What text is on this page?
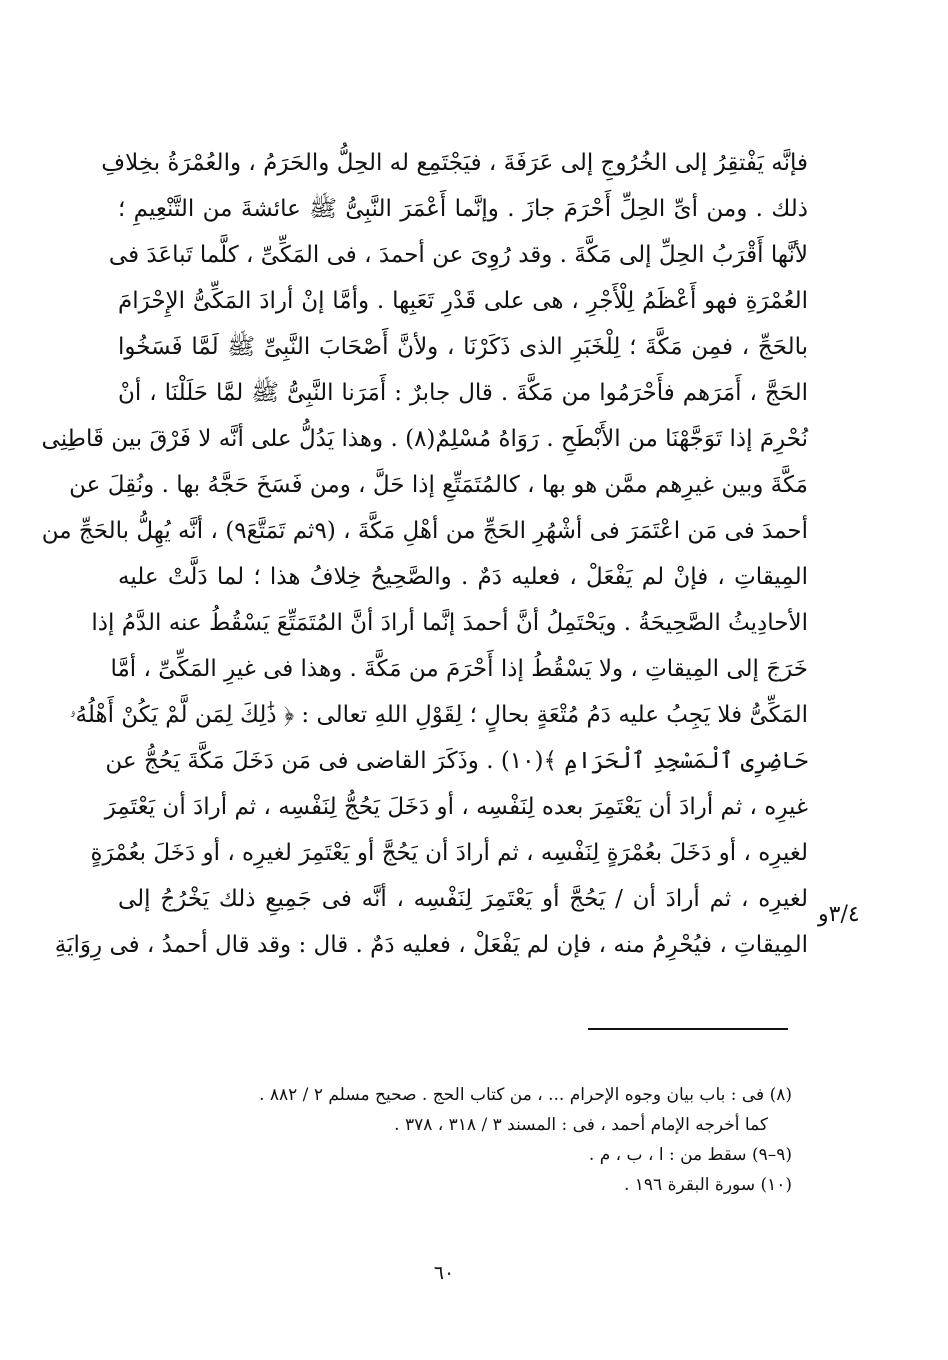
فإنَّه يَفْتقِرُ إلى الخُرُوجِ إلى عَرَفَةَ ، فيَجْتَمِع له الحِلُّ والحَرَمُ ، والعُمْرَةُ بخِلافِ
ذلك . ومن أىِّ الحِلِّ أَحْرَمَ جازَ . وإنَّما أَعْمَرَ النَّبِىُّ ﷺ عائشةَ من التَّنْعِيمِ ؛
لأنَّها أَقْرَبُ الحِلِّ إلى مَكَّةَ . وقد رُوِىَ عن أحمدَ ، فى المَكِّىِّ ، كلَّما تَباعَدَ فى
العُمْرَةِ فهو أَعْظَمُ لِلْأَجْرِ ، هى على قَدْرِ تَعَبِها . وأمَّا إنْ أرادَ المَكِّىُّ الإِحْرَامَ
بالحَجِّ ، فمِن مَكَّةَ ؛ لِلْخَبَرِ الذى ذَكَرْنَا ، ولأنَّ أَصْحَابَ النَّبِىِّ ﷺ لَمَّا فَسَخُوا
الحَجَّ ، أَمَرَهم فأَحْرَمُوا من مَكَّةَ . قال جابرٌ : أَمَرَنا النَّبِىُّ ﷺ لمَّا حَلَلْنَا ، أنْ
نُحْرِمَ إذا تَوَجَّهْنَا من الأَبْطَحِ . رَوَاهُ مُسْلِمٌ(٨) . وهذا يَدُلُّ على أنَّه لا فَرْقَ بين قَاطِنِى
مَكَّةَ وبين غيرِهم ممَّن هو بها ، كالمُتَمَتِّعِ إذا حَلَّ ، ومن فَسَخَ حَجَّهُ بها . ونُقِلَ عن
أحمدَ فى مَن اعْتَمَرَ فى أشْهُرِ الحَجِّ من أهْلِ مَكَّةَ ، (٩ثم تَمَتَّعَ٩) ، أنَّه يُهِلُّ بالحَجِّ من
المِيقاتِ ، فإنْ لم يَفْعَلْ ، فعليه دَمٌ . والصَّحِيحُ خِلافُ هذا ؛ لما دَلَّتْ عليه
الأحادِيثُ الصَّحِيحَةُ . ويَحْتَمِلُ أنَّ أحمدَ إنَّما أرادَ أنَّ المُتَمَتِّعَ يَسْقُطُ عنه الدَّمُ إذا
خَرَجَ إلى المِيقاتِ ، ولا يَسْقُطُ إذا أَحْرَمَ من مَكَّةَ . وهذا فى غيرِ المَكِّىِّ ، أمَّا
المَكِّىُّ فلا يَجِبُ عليه دَمُ مُتْعَةٍ بحالٍ ؛ لِقَوْلِ اللهِ تعالى : ﴿ ذَٰلِكَ لِمَن لَّمْ يَكُنْ أَهْلُهُۥ
حَاضِرِى ٱلْمَسْجِدِ ٱلْحَرَامِ ﴾(١٠) . وذَكَرَ القاضى فى مَن دَخَلَ مَكَّةَ يَحُجُّ عن
غيرِه ، ثم أرادَ أن يَعْتَمِرَ بعده لِنَفْسِه ، أو دَخَلَ يَحُجُّ لِنَفْسِه ، ثم أرادَ أن يَعْتَمِرَ
لغيرِه ، أو دَخَلَ بعُمْرَةٍ لِنَفْسِه ، ثم أرادَ أن يَحُجَّ أو يَعْتَمِرَ لغيرِه ، أو دَخَلَ بعُمْرَةٍ
لغيرِه ، ثم أرادَ أن / يَحُجَّ أو يَعْتَمِرَ لِنَفْسِه ، أنَّه فى جَمِيعِ ذلك يَخْرُجُ إلى
المِيقاتِ ، فيُحْرِمُ منه ، فإن لم يَفْعَلْ ، فعليه دَمٌ . قال : وقد قال أحمدُ ، فى رِوَايَةِ
٣/٤و
(٨) فى : باب بيان وجوه الإحرام ... ، من كتاب الحج . صحيح مسلم ٢ / ٨٨٢ .
كما أخرجه الإمام أحمد ، فى : المسند ٣ / ٣١٨ ، ٣٧٨ .
(٩–٩) سقط من : ا ، ب ، م .
(١٠) سورة البقرة ١٩٦ .
٦٠
